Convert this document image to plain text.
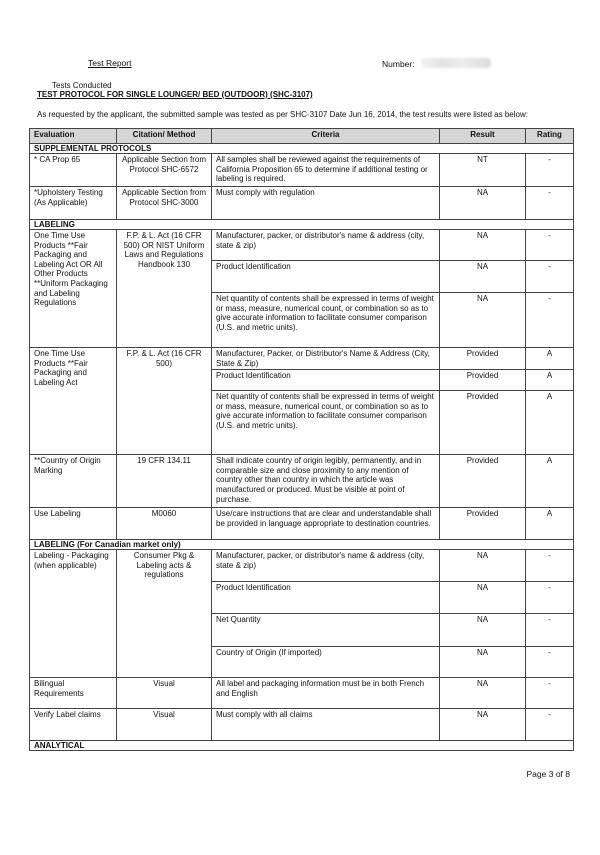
Test Report	Number:
Tests Conducted
TEST PROTOCOL FOR SINGLE LOUNGER/ BED (OUTDOOR) (SHC-3107)
As requested by the applicant, the submitted sample was tested as per SHC-3107 Date Jun 16, 2014, the test results were listed as below:
Evaluation	Citation/ Method	Criteria	Result	Rating
SUPPLEMENTAL PROTOCOLS				
* CA Prop 65	Applicable Section from Protocol SHC-6572	All samples shall be reviewed against the requirements of California Proposition 65 to determine if additional testing or labeling is required.	NT	-
*Upholstery Testing (As Applicable)	Applicable Section from Protocol SHC-3000	Must comply with regulation	NA	-
LABELING				
One Time Use Products **Fair Packaging and Labeling Act OR All Other Products **Uniform Packaging and Labeling Regulations	F.P. & L. Act (16 CFR 500) OR NIST Uniform Laws and Regulations Handbook 130	Manufacturer, packer, or distributor's name & address (city, state & zip)	NA	-
		Product Identification	NA	-
		Net quantity of contents shall be expressed in terms of weight or mass, measure, numerical count, or combination so as to give accurate information to facilitate consumer comparison (U.S. and metric units).	NA	-
One Time Use Products **Fair Packaging and Labeling Act	F.P. & L. Act (16 CFR 500)	Manufacturer, Packer, or Distributor's Name & Address (City, State & Zip)	Provided	A
		Product Identification	Provided	A
		Net quantity of contents shall be expressed in terms of weight or mass, measure, numerical count, or combination so as to give accurate information to facilitate consumer comparison (U.S. and metric units).	Provided	A
**Country of Origin Marking	19 CFR 134.11	Shall indicate country of origin legibly, permanently, and in comparable size and close proximity to any mention of country other than country in which the article was manufactured or produced. Must be visible at point of purchase.	Provided	A
Use Labeling	M0060	Use/care instructions that are clear and understandable shall be provided in language appropriate to destination countries.	Provided	A
LABELING (For Canadian market only)				
Labeling - Packaging (when applicable)	Consumer Pkg & Labeling acts & regulations	Manufacturer, packer, or distributor's name & address (city, state & zip)	NA	-
		Product Identification	NA	-
		Net Quantity	NA	-
		Country of Origin (If imported)	NA	-
Bilingual Requirements	Visual	All label and packaging information must be in both French and English	NA	-
Verify Label claims	Visual	Must comply with all claims	NA	-
ANALYTICAL				
Page 3 of 8
